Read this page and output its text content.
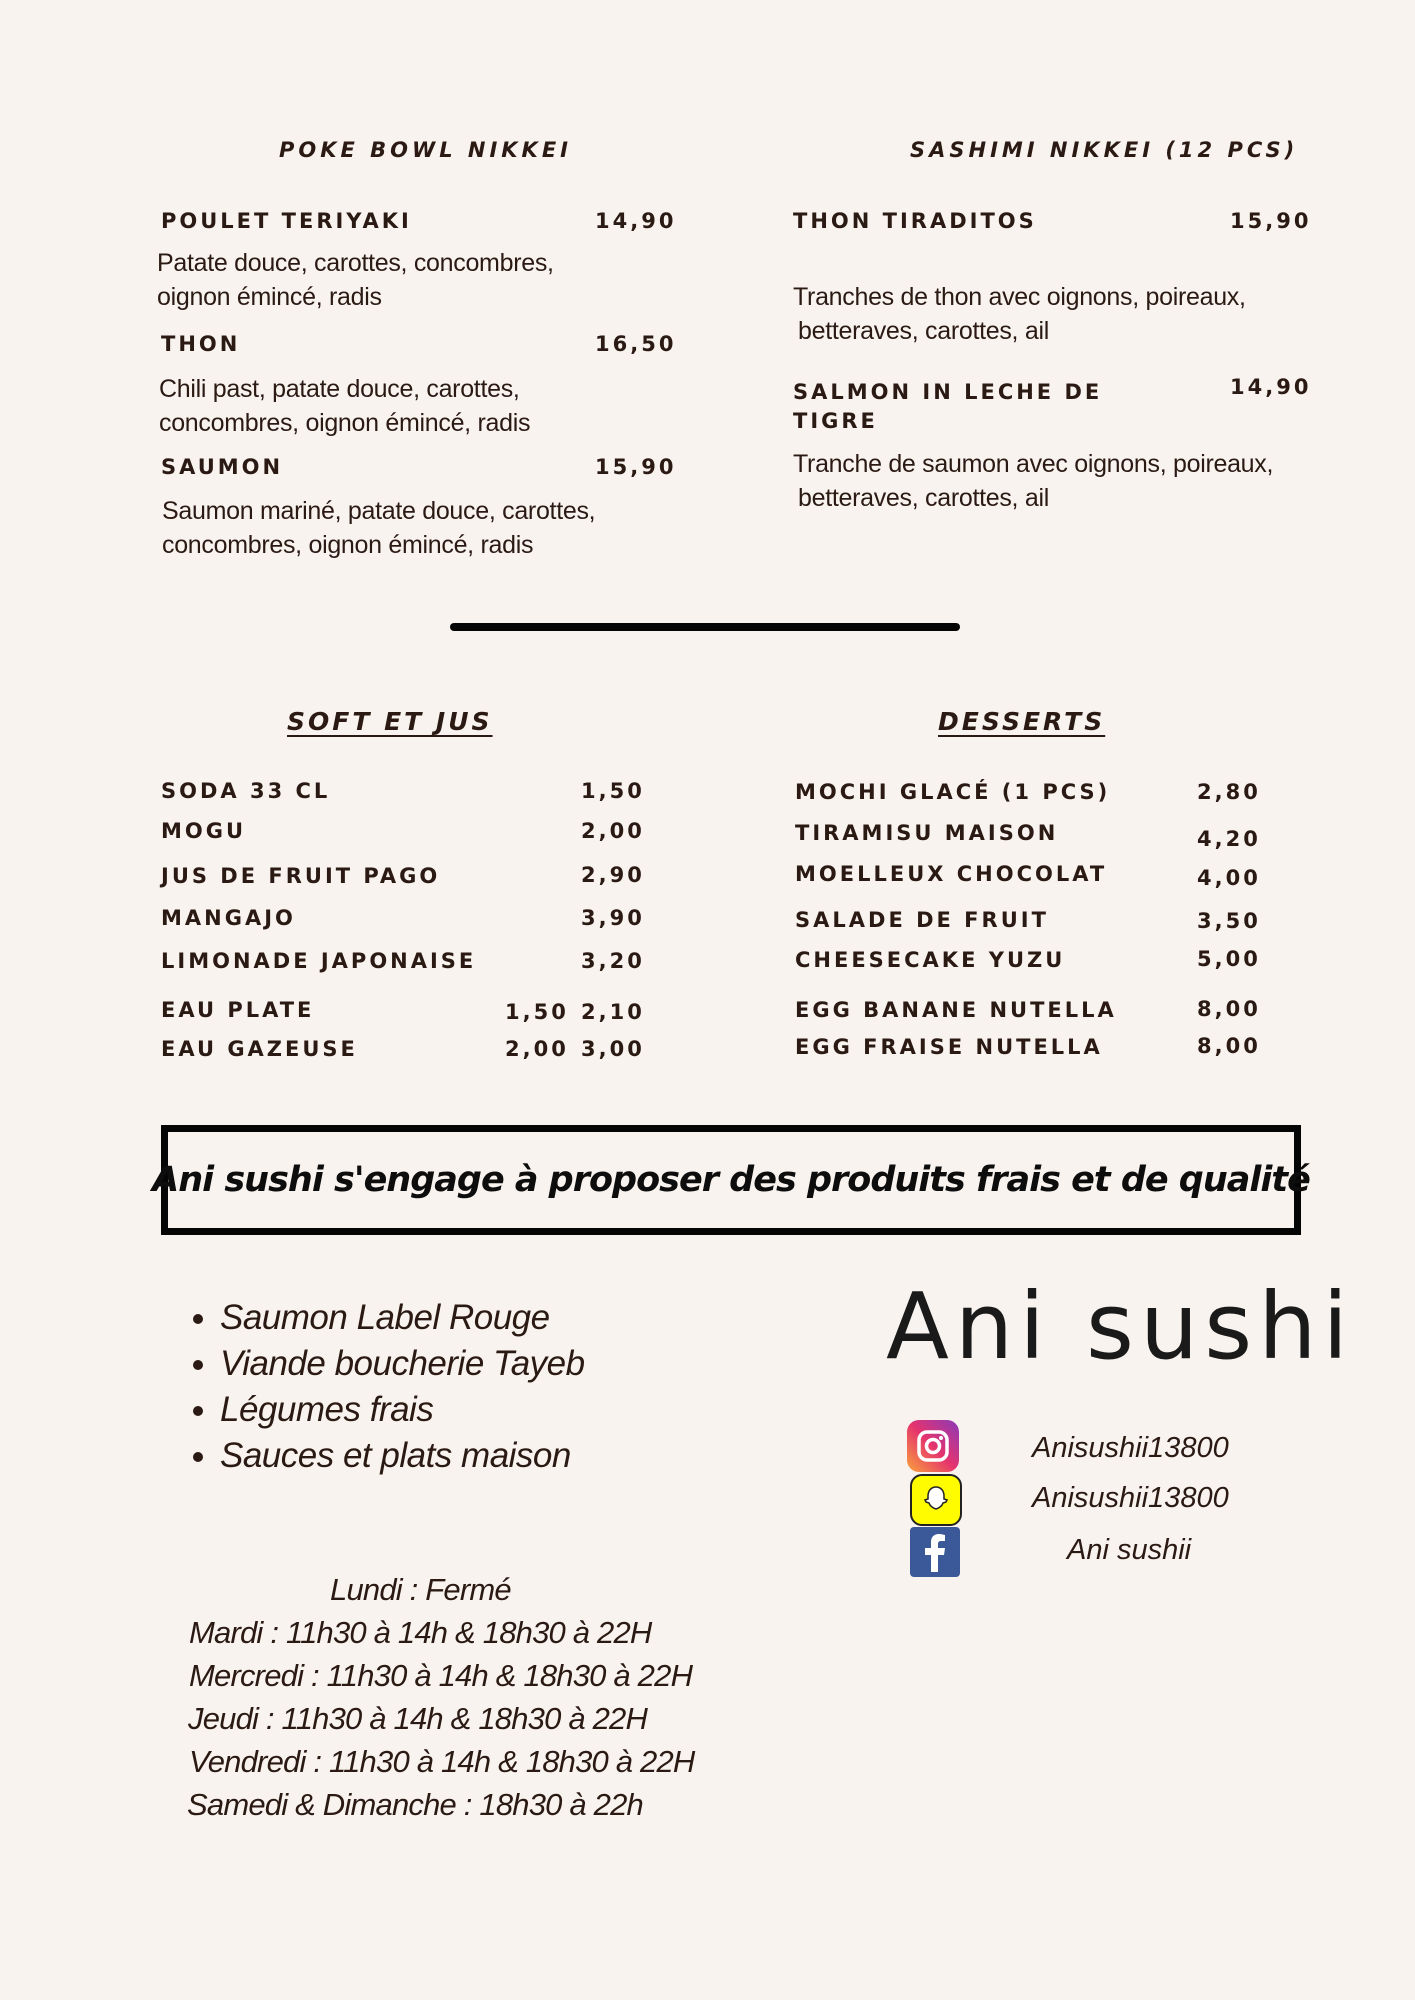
POKE BOWL NIKKEI
POULET TERIYAKI	14,90
Patate douce, carottes, concombres,
oignon émincé, radis
THON	16,50
Chili past, patate douce, carottes,
concombres, oignon émincé, radis
SAUMON	15,90
Saumon mariné, patate douce, carottes,
concombres, oignon émincé, radis
SASHIMI NIKKEI (12 PCS)
THON TIRADITOS	15,90
Tranches de thon avec oignons, poireaux,
betteraves, carottes, ail
SALMON IN LECHE DE
TIGRE
14,90
Tranche de saumon avec oignons, poireaux,
betteraves, carottes, ail
SOFT ET JUS
SODA 33 CL	1,50
MOGU	2,00
JUS DE FRUIT PAGO	2,90
MANGAJO	3,90
LIMONADE JAPONAISE	3,20
EAU PLATE	1,50 2,10
EAU GAZEUSE	2,00 3,00
DESSERTS
MOCHI GLACÉ (1 PCS)	2,80
TIRAMISU MAISON	4,20
MOELLEUX CHOCOLAT	4,00
SALADE DE FRUIT	3,50
CHEESECAKE YUZU	5,00
EGG BANANE NUTELLA	8,00
EGG FRAISE NUTELLA	8,00
Ani sushi s'engage à proposer des produits frais et de qualité
• Saumon Label Rouge
• Viande boucherie Tayeb
• Légumes frais
• Sauces et plats maison
Lundi : Fermé
Mardi : 11h30 à 14h & 18h30 à 22H
Mercredi : 11h30 à 14h & 18h30 à 22H
Jeudi : 11h30 à 14h & 18h30 à 22H
Vendredi : 11h30 à 14h & 18h30 à 22H
Samedi & Dimanche : 18h30 à 22h
Ani sushi
Anisushii13800
Anisushii13800
Ani sushii
